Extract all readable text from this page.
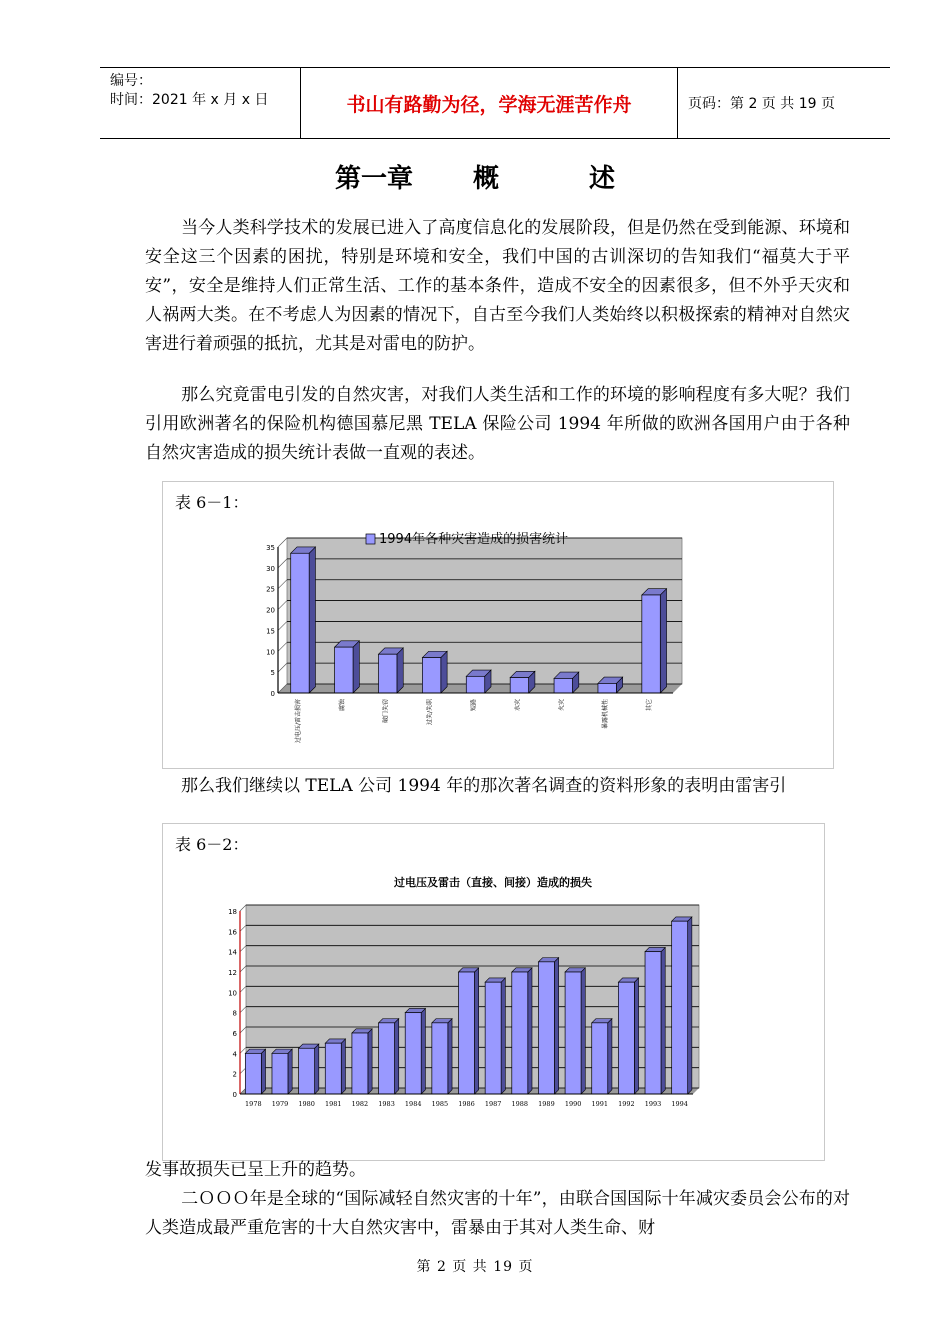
编号：
时间：2021 年 x 月 x 日	书山有路勤为径，学海无涯苦作舟	页码：第 2 页 共 19 页
第一章 概	述

当今人类科学技术的发展已进入了高度信息化的发展阶段，但是仍然在受到能源、环境和安全这三个因素的困扰，特别是环境和安全，我们中国的古训深切的告知我们“福莫大于平安”，安全是维持人们正常生活、工作的基本条件，造成不安全的因素很多，但不外乎天灾和人祸两大类。在不考虑人为因素的情况下，自古至今我们人类始终以积极探索的精神对自然灾害进行着顽强的抵抗，尤其是对雷电的防护。

那么究竟雷电引发的自然灾害，对我们人类生活和工作的环境的影响程度有多大呢？我们引用欧洲著名的保险机构德国慕尼黑 TELA 保险公司 1994 年所做的欧洲各国用户由于各种自然灾害造成的损失统计表做一直观的表述。

表 6－1：
0
5
10
15
20
25
30
35
过电压/雷击损害	腐蚀	破门失窃	过失/失职	短路	水灾	火灾	暴露机械性	其它
1994年各种灾害造成的损害统计

那么我们继续以 TELA 公司 1994 年的那次著名调查的资料形象的表明由雷害引

表 6－2：
0
2
4
6
8
10
12
14
16
18
1978 1979 1980 1981 1982 1983 1984 1985 1986 1987 1988 1989 1990 1991 1992 1993 1994
过电压及雷击（直接、间接）造成的损失

发事故损失已呈上升的趋势。

二ＯＯＯ年是全球的“国际减轻自然灾害的十年”，由联合国国际十年减灾委员会公布的对人类造成最严重危害的十大自然灾害中，雷暴由于其对人类生命、财

第 2 页 共 19 页
